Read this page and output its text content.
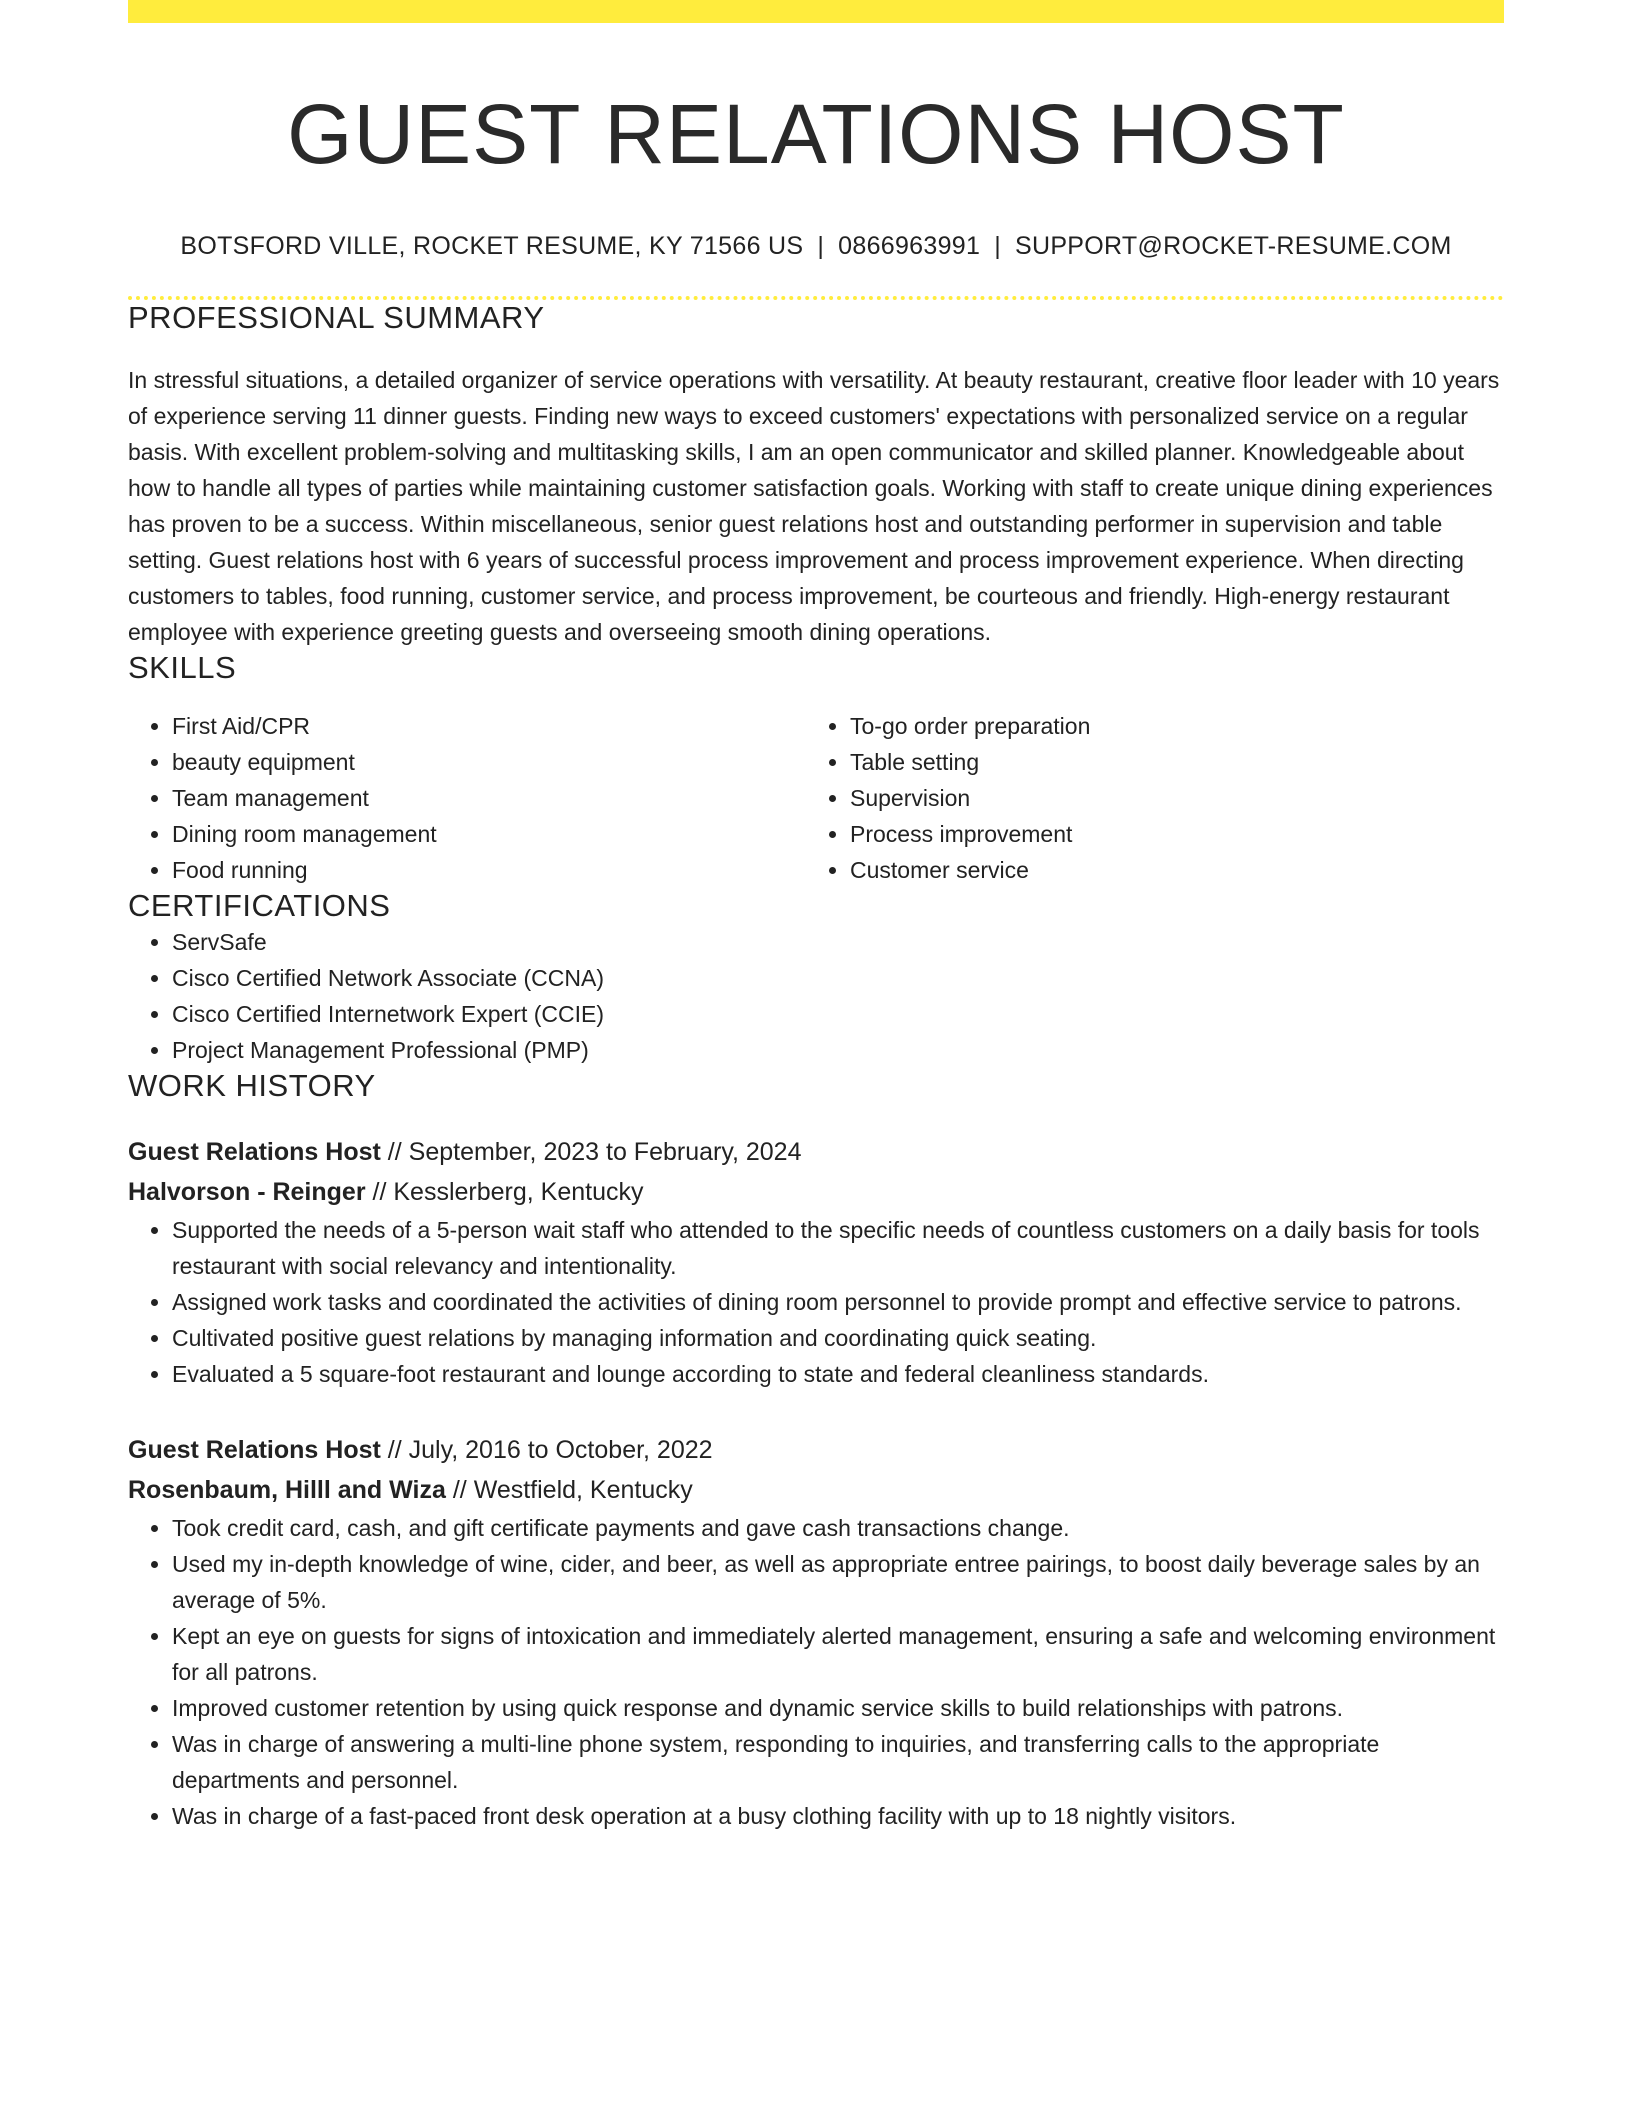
GUEST RELATIONS HOST
BOTSFORD VILLE, ROCKET RESUME, KY 71566 US | 0866963991 | SUPPORT@ROCKET-RESUME.COM
PROFESSIONAL SUMMARY

In stressful situations, a detailed organizer of service operations with versatility. At beauty restaurant, creative floor leader with 10 years of experience serving 11 dinner guests. Finding new ways to exceed customers' expectations with personalized service on a regular basis. With excellent problem-solving and multitasking skills, I am an open communicator and skilled planner. Knowledgeable about how to handle all types of parties while maintaining customer satisfaction goals. Working with staff to create unique dining experiences has proven to be a success. Within miscellaneous, senior guest relations host and outstanding performer in supervision and table setting. Guest relations host with 6 years of successful process improvement and process improvement experience. When directing customers to tables, food running, customer service, and process improvement, be courteous and friendly. High-energy restaurant employee with experience greeting guests and overseeing smooth dining operations.

SKILLS
• First Aid/CPR
• beauty equipment
• Team management
• Dining room management
• Food running
• To-go order preparation
• Table setting
• Supervision
• Process improvement
• Customer service
CERTIFICATIONS
• ServSafe
• Cisco Certified Network Associate (CCNA)
• Cisco Certified Internetwork Expert (CCIE)
• Project Management Professional (PMP)
WORK HISTORY
Guest Relations Host // September, 2023 to February, 2024
Halvorson - Reinger // Kesslerberg, Kentucky
• Supported the needs of a 5-person wait staff who attended to the specific needs of countless customers on a daily basis for tools restaurant with social relevancy and intentionality.
• Assigned work tasks and coordinated the activities of dining room personnel to provide prompt and effective service to patrons.
• Cultivated positive guest relations by managing information and coordinating quick seating.
• Evaluated a 5 square-foot restaurant and lounge according to state and federal cleanliness standards.
Guest Relations Host // July, 2016 to October, 2022
Rosenbaum, Hilll and Wiza // Westfield, Kentucky
• Took credit card, cash, and gift certificate payments and gave cash transactions change.
• Used my in-depth knowledge of wine, cider, and beer, as well as appropriate entree pairings, to boost daily beverage sales by an average of 5%.
• Kept an eye on guests for signs of intoxication and immediately alerted management, ensuring a safe and welcoming environment for all patrons.
• Improved customer retention by using quick response and dynamic service skills to build relationships with patrons.
• Was in charge of answering a multi-line phone system, responding to inquiries, and transferring calls to the appropriate departments and personnel.
• Was in charge of a fast-paced front desk operation at a busy clothing facility with up to 18 nightly visitors.
